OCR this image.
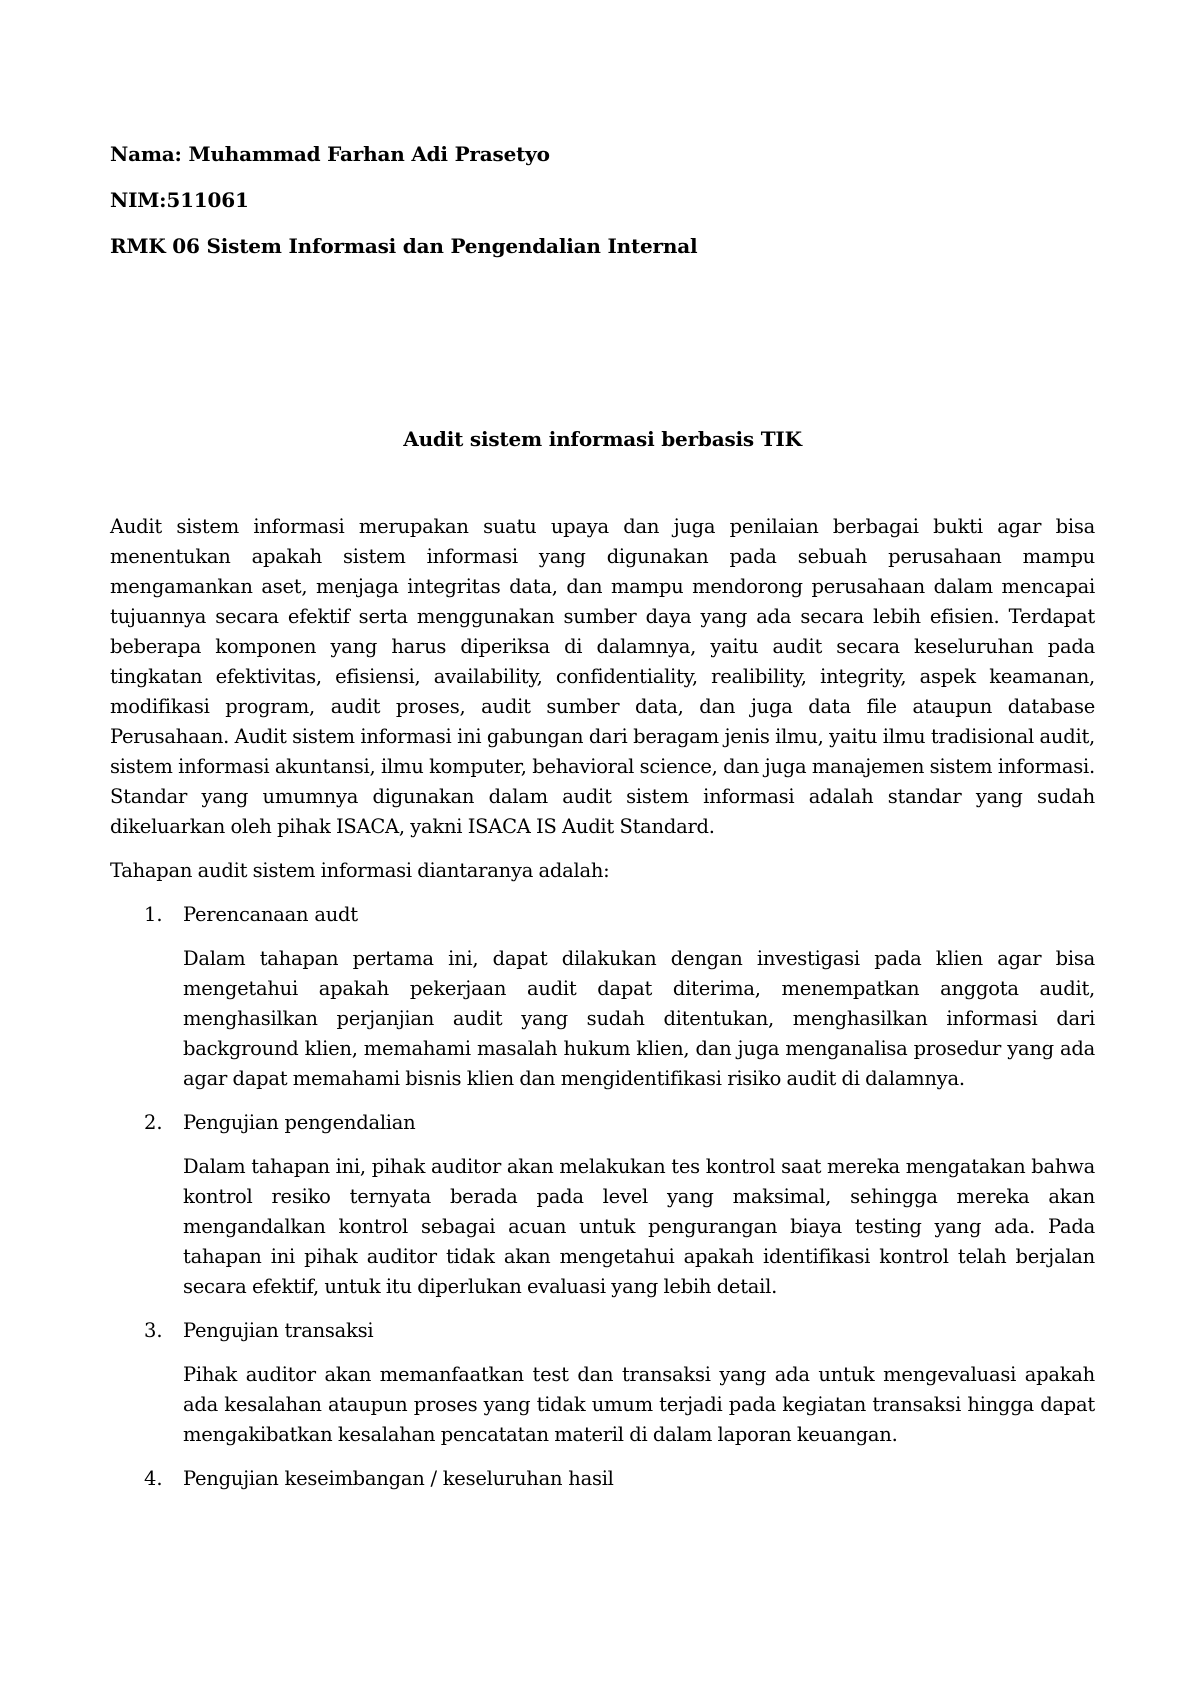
Nama: Muhammad Farhan Adi Prasetyo

NIM:511061

RMK 06 Sistem Informasi dan Pengendalian Internal

Audit sistem informasi berbasis TIK

Audit sistem informasi merupakan suatu upaya dan juga penilaian berbagai bukti agar bisa menentukan apakah sistem informasi yang digunakan pada sebuah perusahaan mampu mengamankan aset, menjaga integritas data, dan mampu mendorong perusahaan dalam mencapai tujuannya secara efektif serta menggunakan sumber daya yang ada secara lebih efisien. Terdapat beberapa komponen yang harus diperiksa di dalamnya, yaitu audit secara keseluruhan pada tingkatan efektivitas, efisiensi, availability, confidentiality, realibility, integrity, aspek keamanan, modifikasi program, audit proses, audit sumber data, dan juga data file ataupun database Perusahaan. Audit sistem informasi ini gabungan dari beragam jenis ilmu, yaitu ilmu tradisional audit, sistem informasi akuntansi, ilmu komputer, behavioral science, dan juga manajemen sistem informasi. Standar yang umumnya digunakan dalam audit sistem informasi adalah standar yang sudah dikeluarkan oleh pihak ISACA, yakni ISACA IS Audit Standard.

Tahapan audit sistem informasi diantaranya adalah:

1. Perencanaan audt

Dalam tahapan pertama ini, dapat dilakukan dengan investigasi pada klien agar bisa mengetahui apakah pekerjaan audit dapat diterima, menempatkan anggota audit, menghasilkan perjanjian audit yang sudah ditentukan, menghasilkan informasi dari background klien, memahami masalah hukum klien, dan juga menganalisa prosedur yang ada agar dapat memahami bisnis klien dan mengidentifikasi risiko audit di dalamnya.

2. Pengujian pengendalian

Dalam tahapan ini, pihak auditor akan melakukan tes kontrol saat mereka mengatakan bahwa kontrol resiko ternyata berada pada level yang maksimal, sehingga mereka akan mengandalkan kontrol sebagai acuan untuk pengurangan biaya testing yang ada. Pada tahapan ini pihak auditor tidak akan mengetahui apakah identifikasi kontrol telah berjalan secara efektif, untuk itu diperlukan evaluasi yang lebih detail.

3. Pengujian transaksi

Pihak auditor akan memanfaatkan test dan transaksi yang ada untuk mengevaluasi apakah ada kesalahan ataupun proses yang tidak umum terjadi pada kegiatan transaksi hingga dapat mengakibatkan kesalahan pencatatan materil di dalam laporan keuangan.

4. Pengujian keseimbangan / keseluruhan hasil
